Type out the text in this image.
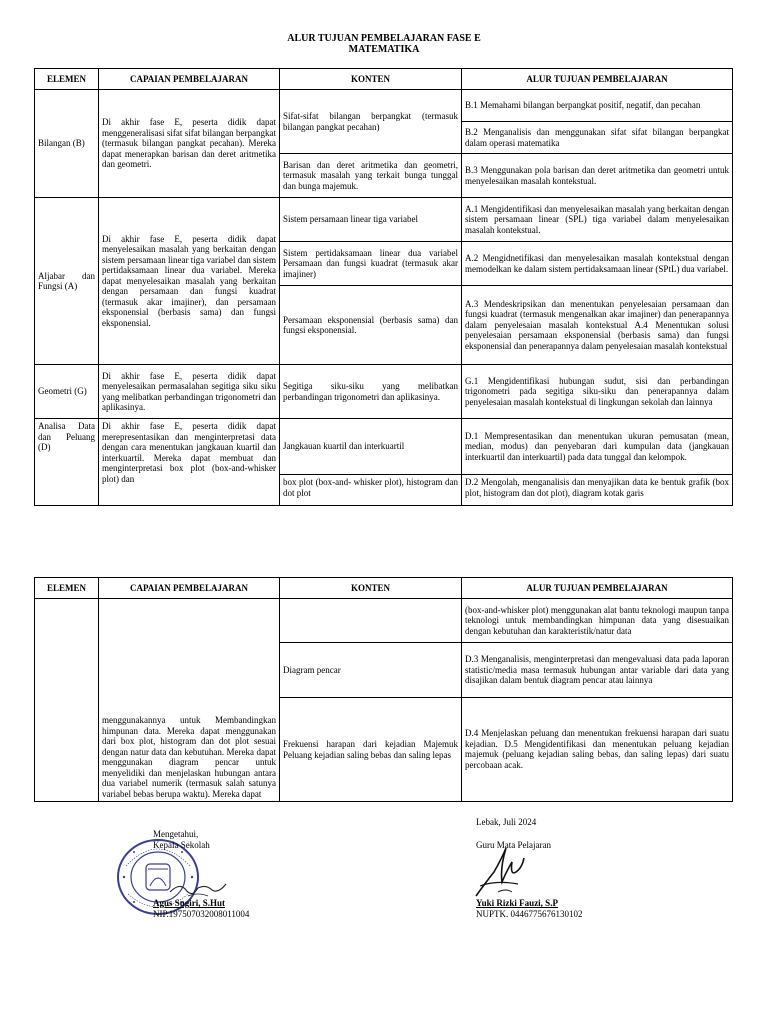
ALUR TUJUAN PEMBELAJARAN FASE E
MATEMATIKA
ELEMEN	CAPAIAN PEMBELAJARAN	KONTEN	ALUR TUJUAN PEMBELAJARAN
Bilangan (B)	Di akhir fase E, peserta didik dapat menggeneralisasi sifat sifat bilangan berpangkat (termasuk bilangan pangkat pecahan). Mereka dapat menerapkan barisan dan deret aritmetika dan geometri.	Sifat-sifat bilangan berpangkat (termasuk bilangan pangkat pecahan)	B.1 Memahami bilangan berpangkat positif, negatif, dan pecahan
			B.2 Menganalisis dan menggunakan sifat sifat bilangan berpangkat dalam operasi matematika
		Barisan dan deret aritmetika dan geometri, termasuk masalah yang terkait bunga tunggal dan bunga majemuk.	B.3 Menggunakan pola barisan dan deret aritmetika dan geometri untuk menyelesaikan masalah kontekstual.
Aljabar dan Fungsi (A)	Di akhir fase E, peserta didik dapat menyelesaikan masalah yang berkaitan dengan sistem persamaan linear tiga variabel dan sistem pertidaksamaan linear dua variabel. Mereka dapat menyelesaikan masalah yang berkaitan dengan persamaan dan fungsi kuadrat (termasuk akar imajiner), dan persamaan eksponensial (berbasis sama) dan fungsi eksponensial.	Sistem persamaan linear tiga variabel	A.1 Mengidentifikasi dan menyelesaikan masalah yang berkaitan dengan sistem persamaan linear (SPL) tiga variabel dalam menyelesaikan masalah kontekstual.
		Sistem pertidaksamaan linear dua variabel Persamaan dan fungsi kuadrat (termasuk akar imajiner)	A.2 Mengidnetifikasi dan menyelesaikan masalah kontekstual dengan memodelkan ke dalam sistem pertidaksamaan linear (SPtL) dua variabel.
		Persamaan eksponensial (berbasis sama) dan fungsi eksponensial.	A.3 Mendeskripsikan dan menentukan penyelesaian persamaan dan fungsi kuadrat (termasuk mengenalkan akar imajiner) dan penerapannya dalam penyelesaian masalah kontekstual A.4 Menentukan solusi penyelesaian persamaan eksponensial (berbasis sama) dan fungsi eksponensial dan penerapannya dalam penyelesaian masalah kontekstual
Geometri (G)	Di akhir fase E, peserta didik dapat menyelesaikan permasalahan segitiga siku siku yang melibatkan perbandingan trigonometri dan aplikasinya.	Segitiga siku-siku yang melibatkan perbandingan trigonometri dan aplikasinya.	G.1 Mengidentifikasi hubungan sudut, sisi dan perbandingan trigonometri pada segitiga siku-siku dan penerapannya dalam penyelesaian masalah kontekstual di lingkungan sekolah dan lainnya
Analisa Data dan Peluang (D)	Di akhir fase E, peserta didik dapat merepresentasikan dan menginterpretasi data dengan cara menentukan jangkauan kuartil dan interkuartil. Mereka dapat membuat dan menginterpretasi box plot (box-and-whisker plot) dan	Jangkauan kuartil dan interkuartil	D.1 Mempresentasikan dan menentukan ukuran pemusatan (mean, median, modus) dan penyebaran dari kumpulan data (jangkauan interkuartil dan interkuartil) pada data tunggal dan kelompok.
		box plot (box-and- whisker plot), histogram dan dot plot	D.2 Mengolah, menganalisis dan menyajikan data ke bentuk grafik (box plot, histogram dan dot plot), diagram kotak garis
ELEMEN	CAPAIAN PEMBELAJARAN	KONTEN	ALUR TUJUAN PEMBELAJARAN
	menggunakannya untuk Membandingkan himpunan data. Mereka dapat menggunakan dari box plot, histogram dan dot plot sesuai dengan natur data dan kebutuhan. Mereka dapat menggunakan diagram pencar untuk menyelidiki dan menjelaskan hubungan antara dua variabel numerik (termasuk salah satunya variabel bebas berupa waktu). Mereka dapat		(box-and-whisker plot) menggunakan alat bantu teknologi maupun tanpa teknologi untuk membandingkan himpunan data yang disesuaikan dengan kebutuhan dan karakteristik/natur data
		Diagram pencar	D.3 Menganalisis, menginterpretasi dan mengevaluasi data pada laporan statistic/media masa termasuk hubungan antar variable dari data yang disajikan dalam bentuk diagram pencar atau lainnya
		Frekuensi harapan dari kejadian Majemuk Peluang kejadian saling bebas dan saling lepas	D.4 Menjelaskan peluang dan menentukan frekuensi harapan dari suatu kejadian. D.5 Mengidentifikasi dan menentukan peluang kejadian majemuk (peluang kejadian saling bebas, dan saling lepas) dari suatu percobaan acak.
Mengetahui,
Kepala Sekolah
Agus Sugiri, S.Hut
NIP.197507032008011004
Lebak, Juli 2024
Guru Mata Pelajaran
Yuki Rizki Fauzi, S.P
NUPTK. 0446775676130102
